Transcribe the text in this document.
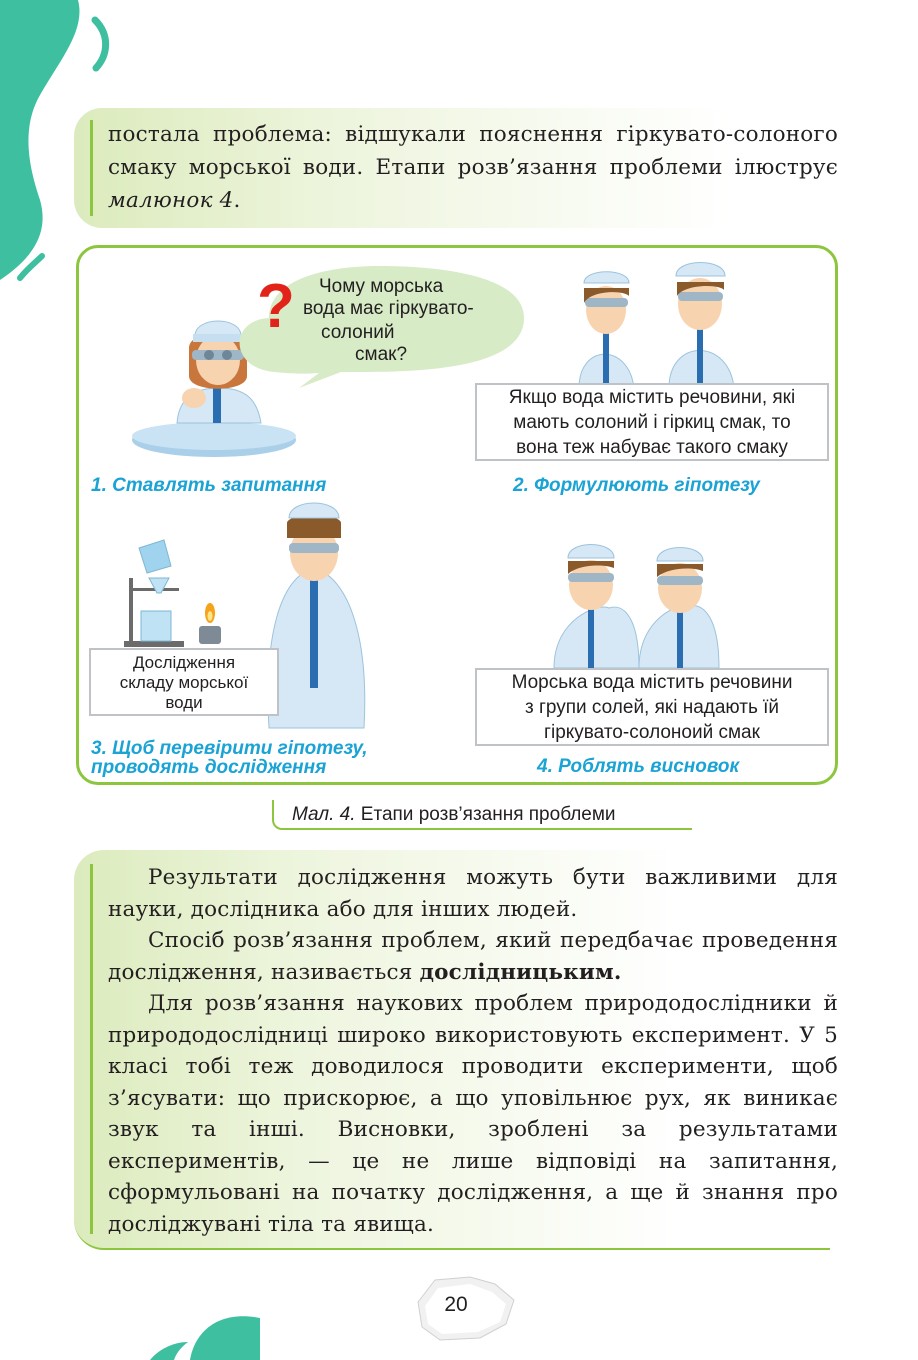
постала проблема: відшукали пояснення гіркувато-солоного смаку морської води. Етапи розв’язання проблеми ілюструє малюнок 4.
? Чому морська
вода має гіркувато-
солоний
смак?
Якщо вода містить речовини, які
мають солоний і гіркиц смак, то
вона теж набуває такого смаку
Дослідження
складу морської
води
Морська вода містить речовини
з групи солей, які надають їй
гіркувато-солоноий смак
1. Ставлять запитання	2. Формулюють гіпотезу
3. Щоб перевірити гіпотезу,
проводять дослідження	4. Роблять висновок
Мал. 4. Етапи розв’язання проблеми

Результати дослідження можуть бути важливими для науки, дослідника або для інших людей.

Спосіб розв’язання проблем, який передбачає проведення дослідження, називається дослідницьким.

Для розв’язання наукових проблем природодослідники й природодослідниці широко використовують експеримент. У 5 класі тобі теж доводилося проводити експерименти, щоб з’ясувати: що прискорює, а що уповільнює рух, як виникає звук та інші. Висновки, зроблені за результатами експериментів, — це не лише відповіді на запитання, сформульовані на початку дослідження, а ще й знання про досліджувані тіла та явища.

20
